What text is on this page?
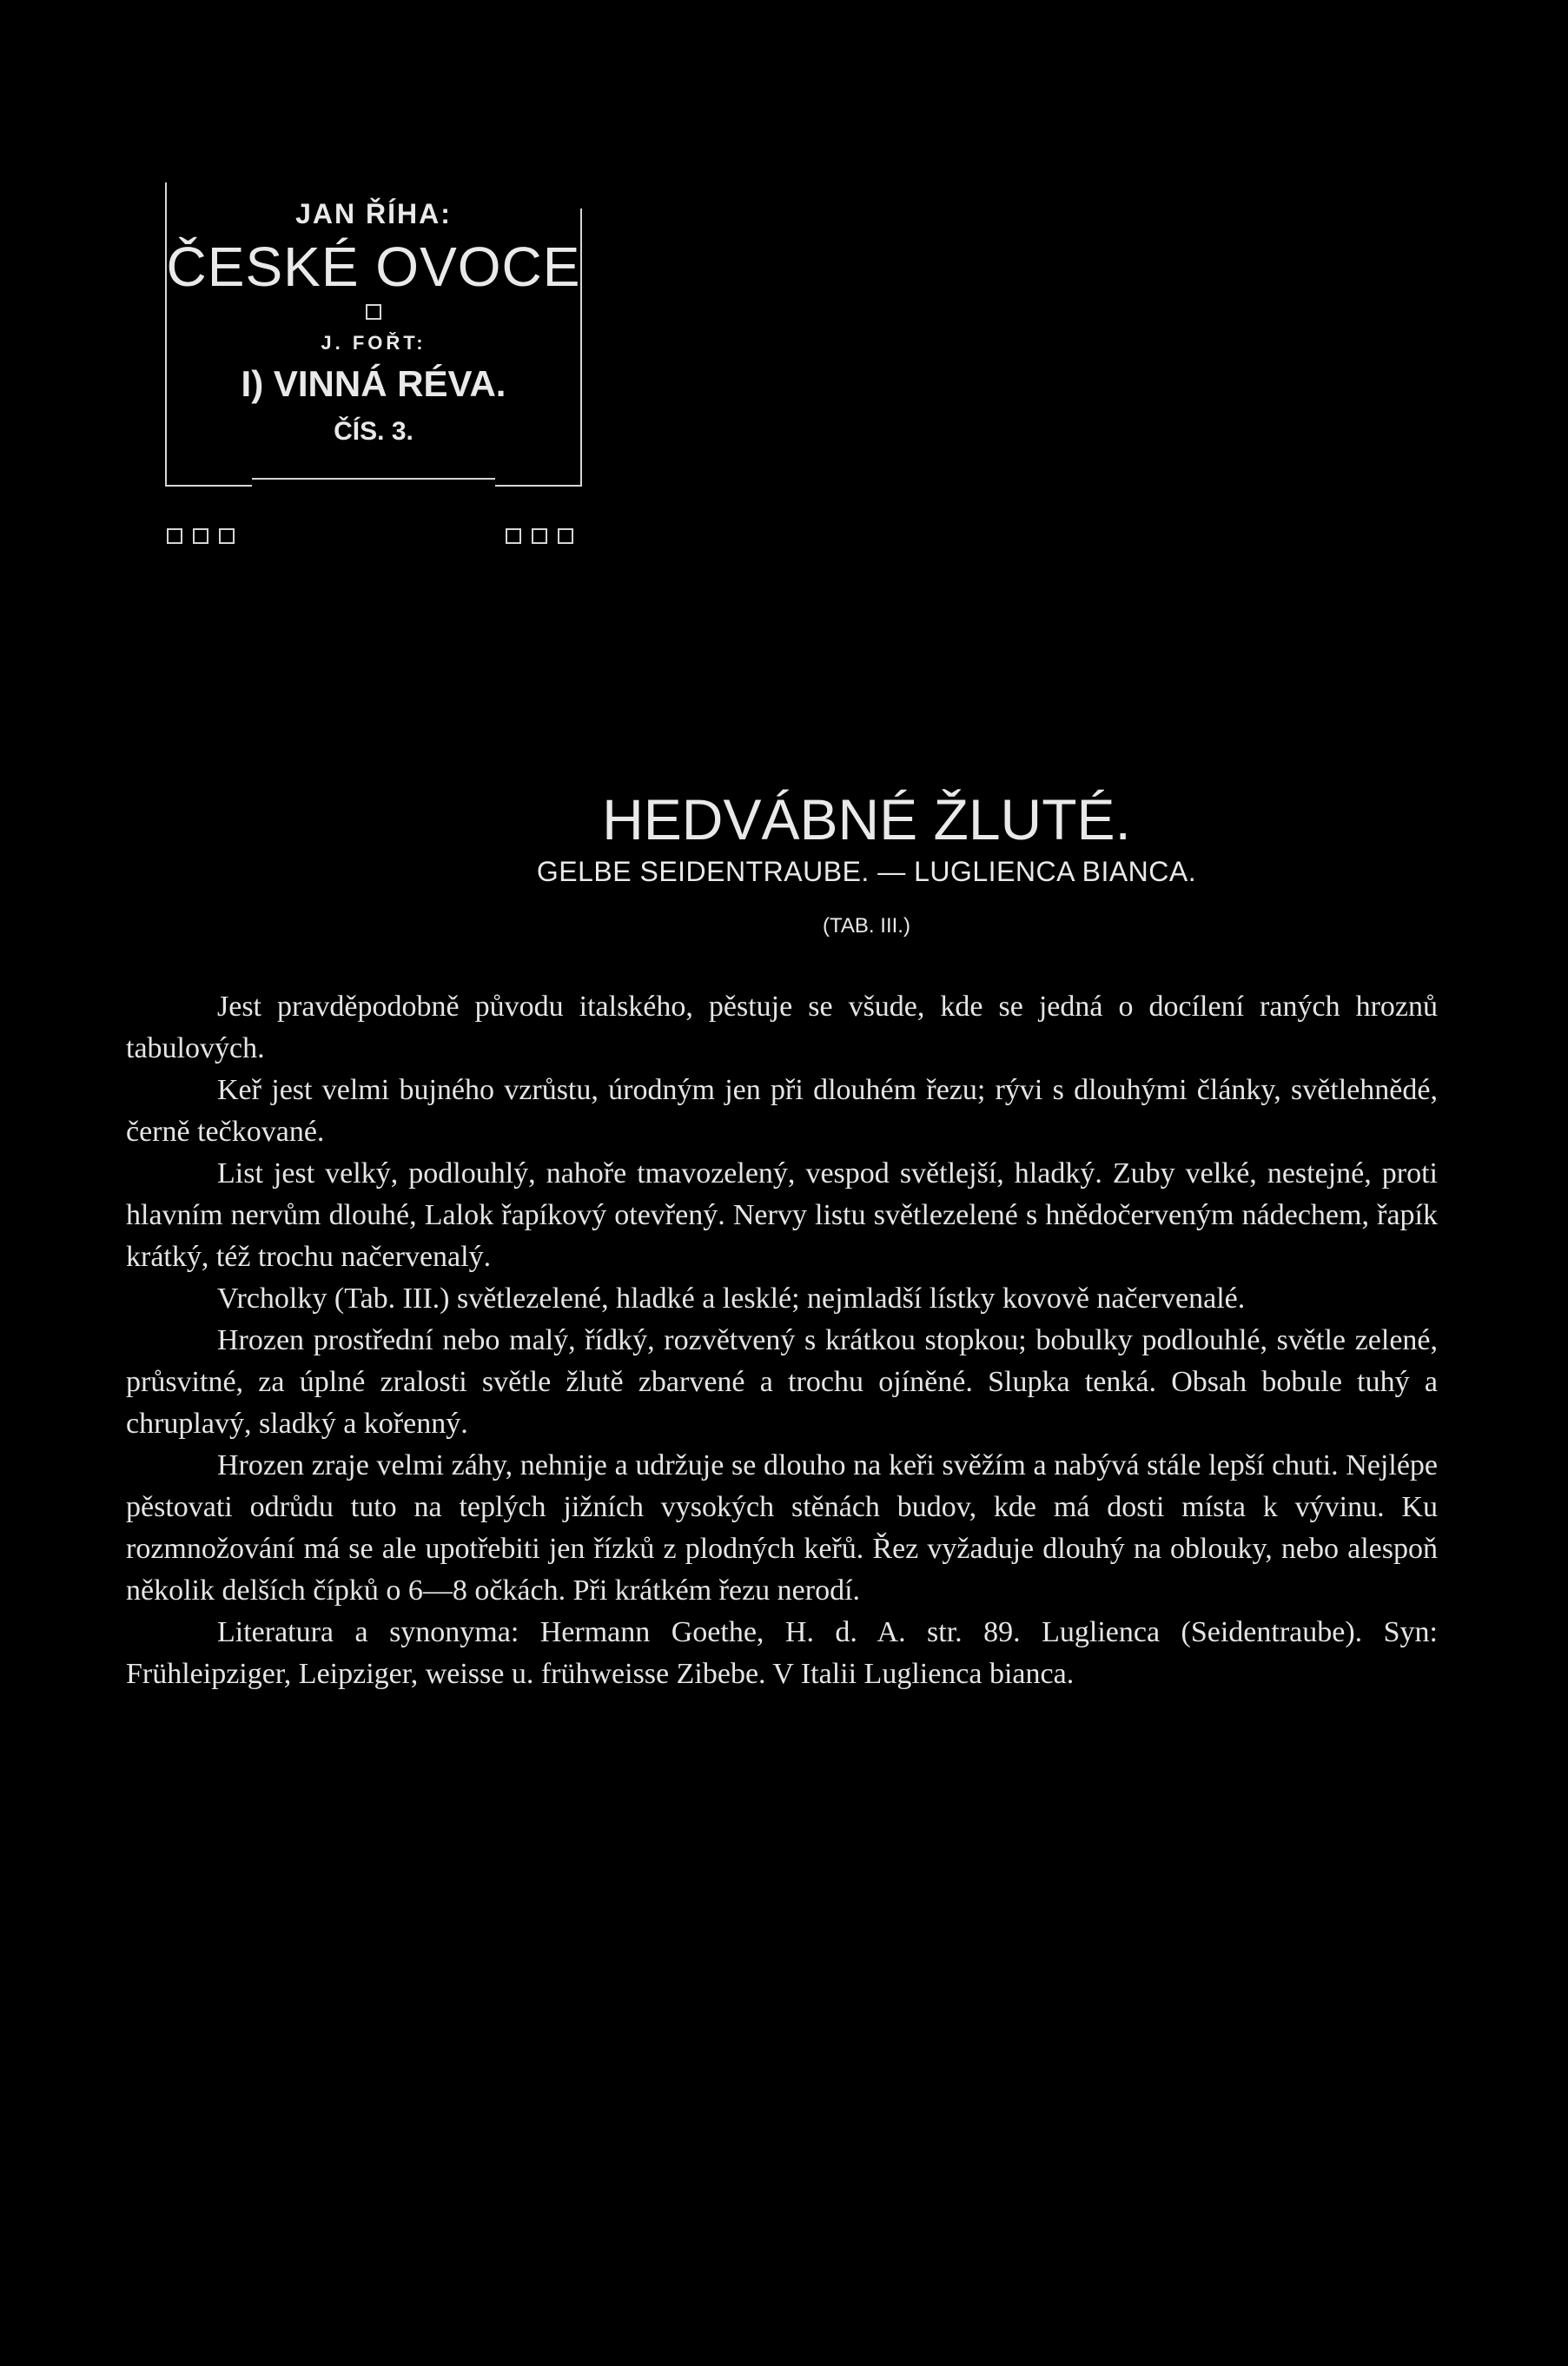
JAN ŘÍHA:
ČESKÉ OVOCE
J. FOŘT:
I) VINNÁ RÉVA.
ČÍS. 3.
HEDVÁBNÉ ŽLUTÉ.
GELBE SEIDENTRAUBE. — LUGLIENCA BIANCA.
(TAB. III.)

Jest pravděpodobně původu italského, pěstuje se všude, kde se jedná o docílení raných hroznů tabulových.

Keř jest velmi bujného vzrůstu, úrodným jen při dlouhém řezu; rývi s dlouhými články, světlehnědé, černě tečkované.

List jest velký, podlouhlý, nahoře tmavozelený, vespod světlejší, hladký. Zuby velké, nestejné, proti hlavním nervům dlouhé, Lalok řapíkový otevřený. Nervy listu světlezelené s hnědočerveným nádechem, řapík krátký, též trochu načervenalý.

Vrcholky (Tab. III.) světlezelené, hladké a lesklé; nejmladší lístky kovově načervenalé.

Hrozen prostřední nebo malý, řídký, rozvětvený s krátkou stopkou; bobulky podlouhlé, světle zelené, průsvitné, za úplné zralosti světle žlutě zbarvené a trochu ojíněné. Slupka tenká. Obsah bobule tuhý a chruplavý, sladký a kořenný.

Hrozen zraje velmi záhy, nehnije a udržuje se dlouho na keři svěžím a nabývá stále lepší chuti. Nejlépe pěstovati odrůdu tuto na teplých jižních vysokých stěnách budov, kde má dosti místa k vývinu. Ku rozmnožování má se ale upotřebiti jen řízků z plodných keřů. Řez vyžaduje dlouhý na oblouky, nebo alespoň několik delších čípků o 6—8 očkách. Při krátkém řezu nerodí.

Literatura a synonyma: Hermann Goethe, H. d. A. str. 89. Luglienca (Seidentraube). Syn: Frühleipziger, Leipziger, weisse u. frühweisse Zibebe. V Italii Luglienca bianca.
